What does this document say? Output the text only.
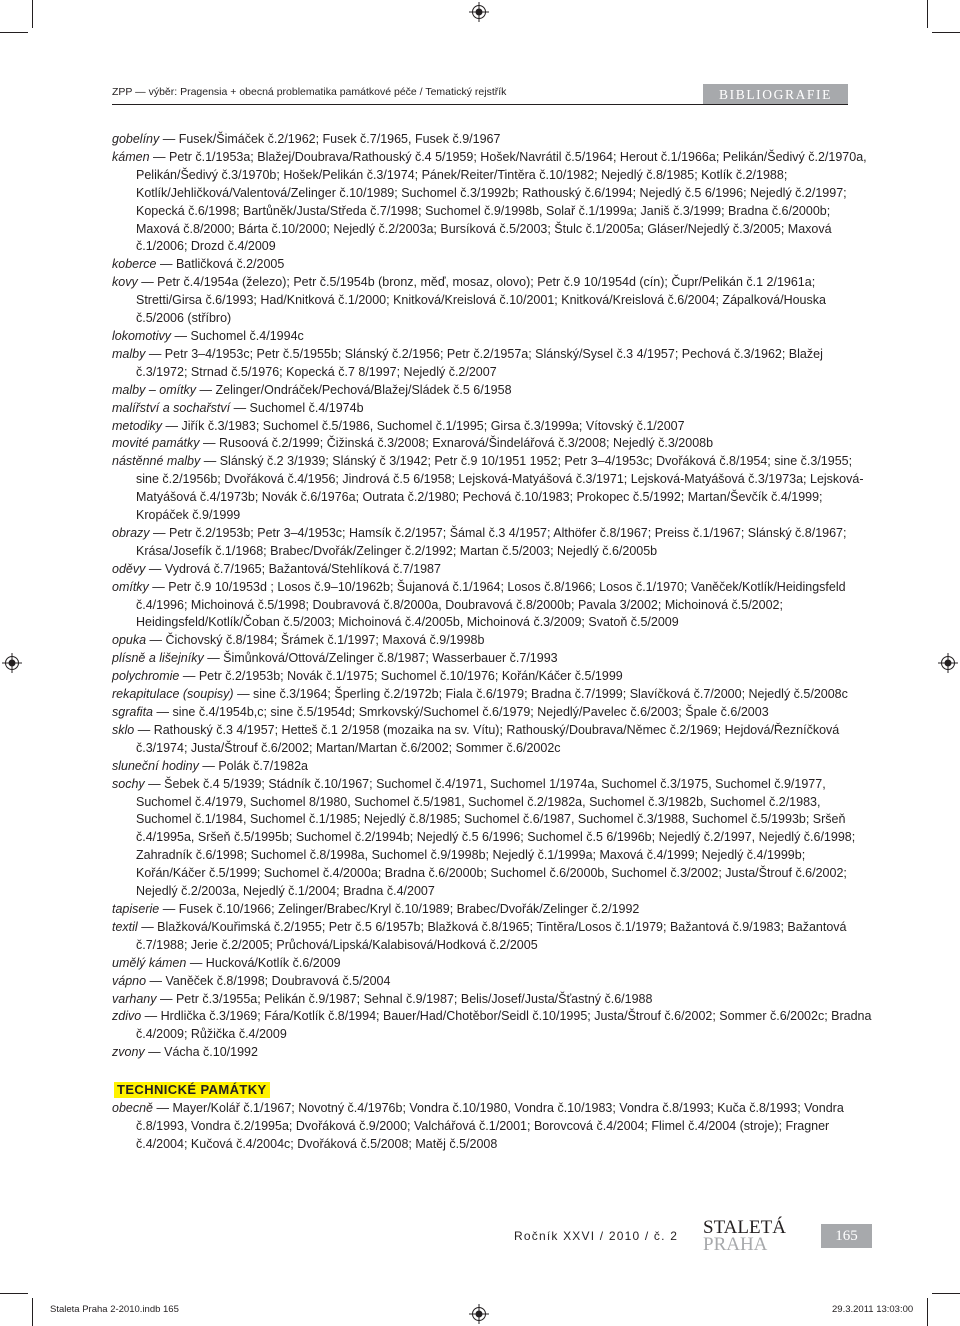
ZPP — výběr: Pragensia + obecná problematika památkové péče / Tematický rejstřík	BIBLIOGRAFIE
gobelíny — Fusek/Šimáček č.2/1962; Fusek č.7/1965, Fusek č.9/1967
kámen — Petr č.1/1953a; Blažej/Doubrava/Rathouský č.4 5/1959; Hošek/Navrátil č.5/1964; Herout č.1/1966a; Pelikán/Šedivý č.2/1970a, Pelikán/Šedivý č.3/1970b; Hošek/Pelikán č.3/1974; Pánek/Reiter/Tintěra č.10/1982; Nejedlý č.8/1985; Kotlík č.2/1988; Kotlík/Jehličková/Valentová/Zelinger č.10/1989; Suchomel č.3/1992b; Rathouský č.6/1994; Nejedlý č.5 6/1996; Nejedlý č.2/1997; Kopecká č.6/1998; Bartůněk/Justa/Středa č.7/1998; Suchomel č.9/1998b, Solař č.1/1999a; Janiš č.3/1999; Bradna č.6/2000b; Maxová č.8/2000; Bárta č.10/2000; Nejedlý č.2/2003a; Bursíková č.5/2003; Štulc č.1/2005a; Gláser/Nejedlý č.3/2005; Maxová č.1/2006; Drozd č.4/2009
koberce — Batličková č.2/2005
kovy — Petr č.4/1954a (železo); Petr č.5/1954b (bronz, měď, mosaz, olovo); Petr č.9 10/1954d (cín); Čupr/Pelikán č.1 2/1961a; Stretti/Girsa č.6/1993; Had/Knitková č.1/2000; Knitková/Kreislová č.10/2001; Knitková/Kreislová č.6/2004; Zápalková/Houska č.5/2006 (stříbro)
lokomotivy — Suchomel č.4/1994c
malby — Petr 3–4/1953c; Petr č.5/1955b; Slánský č.2/1956; Petr č.2/1957a; Slánský/Sysel č.3 4/1957; Pechová č.3/1962; Blažej č.3/1972; Strnad č.5/1976; Kopecká č.7 8/1997; Nejedlý č.2/2007
malby – omítky — Zelinger/Ondráček/Pechová/Blažej/Sládek č.5 6/1958
malířství a sochařství — Suchomel č.4/1974b
metodiky — Jiřík č.3/1983; Suchomel č.5/1986, Suchomel č.1/1995; Girsa č.3/1999a; Vítovský č.1/2007
movité památky — Rusoová č.2/1999; Čižinská č.3/2008; Exnarová/Šindelářová č.3/2008; Nejedlý č.3/2008b
nástěnné malby — Slánský č.2 3/1939; Slánský č 3/1942; Petr č.9 10/1951 1952; Petr 3–4/1953c; Dvořáková č.8/1954; sine č.3/1955; sine č.2/1956b; Dvořáková č.4/1956; Jindrová č.5 6/1958; Lejsková-Matyášová č.3/1971; Lejsková-Matyášová č.3/1973a; Lejsková-Matyášová č.4/1973b; Novák č.6/1976a; Outrata č.2/1980; Pechová č.10/1983; Prokopec č.5/1992; Martan/Ševčík č.4/1999; Kropáček č.9/1999
obrazy — Petr č.2/1953b; Petr 3–4/1953c; Hamsík č.2/1957; Šámal č.3 4/1957; Althöfer č.8/1967; Preiss č.1/1967; Slánský č.8/1967; Krása/Josefík č.1/1968; Brabec/Dvořák/Zelinger č.2/1992; Martan č.5/2003; Nejedlý č.6/2005b
oděvy — Vydrová č.7/1965; Bažantová/Stehlíková č.7/1987
omítky — Petr č.9 10/1953d ; Losos č.9–10/1962b; Šujanová č.1/1964; Losos č.8/1966; Losos č.1/1970; Vaněček/Kotlík/Heidingsfeld č.4/1996; Michoinová č.5/1998; Doubravová č.8/2000a, Doubravová č.8/2000b; Pavala 3/2002; Michoinová č.5/2002; Heidingsfeld/Kotlík/Čoban č.5/2003; Michoinová č.4/2005b, Michoinová č.3/2009; Svatoň č.5/2009
opuka — Čichovský č.8/1984; Šrámek č.1/1997; Maxová č.9/1998b
plísně a lišejníky — Šimůnková/Ottová/Zelinger č.8/1987; Wasserbauer č.7/1993
polychromie — Petr č.2/1953b; Novák č.1/1975; Suchomel č.10/1976; Kořán/Káčer č.5/1999
rekapitulace (soupisy) — sine č.3/1964; Šperling č.2/1972b; Fiala č.6/1979; Bradna č.7/1999; Slavíčková č.7/2000; Nejedlý č.5/2008c
sgrafita — sine č.4/1954b,c; sine č.5/1954d; Smrkovský/Suchomel č.6/1979; Nejedlý/Pavelec č.6/2003; Špale č.6/2003
sklo — Rathouský č.3 4/1957; Hetteš č.1 2/1958 (mozaika na sv. Vítu); Rathouský/Doubrava/Němec č.2/1969; Hejdová/Řezníčková č.3/1974; Justa/Štrouf č.6/2002; Martan/Martan č.6/2002; Sommer č.6/2002c
sluneční hodiny — Polák č.7/1982a
sochy — Šebek č.4 5/1939; Stádník č.10/1967; Suchomel č.4/1971, Suchomel 1/1974a, Suchomel č.3/1975, Suchomel č.9/1977, Suchomel č.4/1979, Suchomel 8/1980, Suchomel č.5/1981, Suchomel č.2/1982a, Suchomel č.3/1982b, Suchomel č.2/1983, Suchomel č.1/1984, Suchomel č.1/1985; Nejedlý č.8/1985; Suchomel č.6/1987, Suchomel č.3/1988, Suchomel č.5/1993b; Sršeň č.4/1995a, Sršeň č.5/1995b; Suchomel č.2/1994b; Nejedlý č.5 6/1996; Suchomel č.5 6/1996b; Nejedlý č.2/1997, Nejedlý č.6/1998; Zahradník č.6/1998; Suchomel č.8/1998a, Suchomel č.9/1998b; Nejedlý č.1/1999a; Maxová č.4/1999; Nejedlý č.4/1999b; Kořán/Káčer č.5/1999; Suchomel č.4/2000a; Bradna č.6/2000b; Suchomel č.6/2000b, Suchomel č.3/2002; Justa/Štrouf č.6/2002; Nejedlý č.2/2003a, Nejedlý č.1/2004; Bradna č.4/2007
tapiserie — Fusek č.10/1966; Zelinger/Brabec/Kryl č.10/1989; Brabec/Dvořák/Zelinger č.2/1992
textil — Blažková/Kouřimská č.2/1955; Petr č.5 6/1957b; Blažková č.8/1965; Tintěra/Losos č.1/1979; Bažantová č.9/1983; Bažantová č.7/1988; Jerie č.2/2005; Průchová/Lipská/Kalabisová/Hodková č.2/2005
umělý kámen — Hucková/Kotlík č.6/2009
vápno — Vaněček č.8/1998; Doubravová č.5/2004
varhany — Petr č.3/1955a; Pelikán č.9/1987; Sehnal č.9/1987; Belis/Josef/Justa/Šťastný č.6/1988
zdivo — Hrdlička č.3/1969; Fára/Kotlík č.8/1994; Bauer/Had/Chotěbor/Seidl č.10/1995; Justa/Štrouf č.6/2002; Sommer č.6/2002c; Bradna č.4/2009; Růžička č.4/2009
zvony — Vácha č.10/1992
TECHNICKÉ PAMÁTKY
obecně — Mayer/Kolář č.1/1967; Novotný č.4/1976b; Vondra č.10/1980, Vondra č.10/1983; Vondra č.8/1993; Kuča č.8/1993; Vondra č.8/1993, Vondra č.2/1995a; Dvořáková č.9/2000; Valchářová č.1/2001; Borovcová č.4/2004; Flimel č.4/2004 (stroje); Fragner č.4/2004; Kučová č.4/2004c; Dvořáková č.5/2008; Matěj č.5/2008
Ročník XXVI / 2010 / č. 2 STALETÁ
PRAHA	165
Staleta Praha 2-2010.indb 165	29.3.2011 13:03:00
